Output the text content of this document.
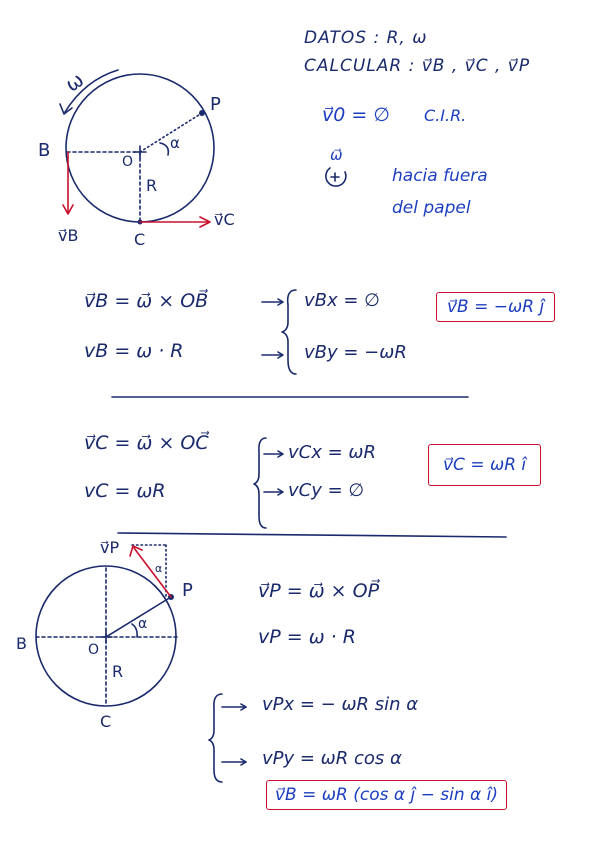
DATOS : R, ω
CALCULAR : v⃗B , v⃗C , v⃗P
v⃗0 = ∅ C.I.R.
ω⃗
hacia fuera
del papel
ω
P
B
O
R
C
α
v⃗B
v⃗C
v⃗B = ω⃗ × OB⃗
vB = ω · R
vBx = ∅
vBy = −ωR
v⃗B = −ωR ĵ
v⃗C = ω⃗ × OC⃗
vC = ωR
vCx = ωR
vCy = ∅
v⃗C = ωR î
v⃗P
P
B	O
R
C
α
α
v⃗P = ω⃗ × OP⃗
vP = ω · R
vPx = − ωR sin α
vPy = ωR cos α
v⃗B = ωR (cos α ĵ − sin α î)
